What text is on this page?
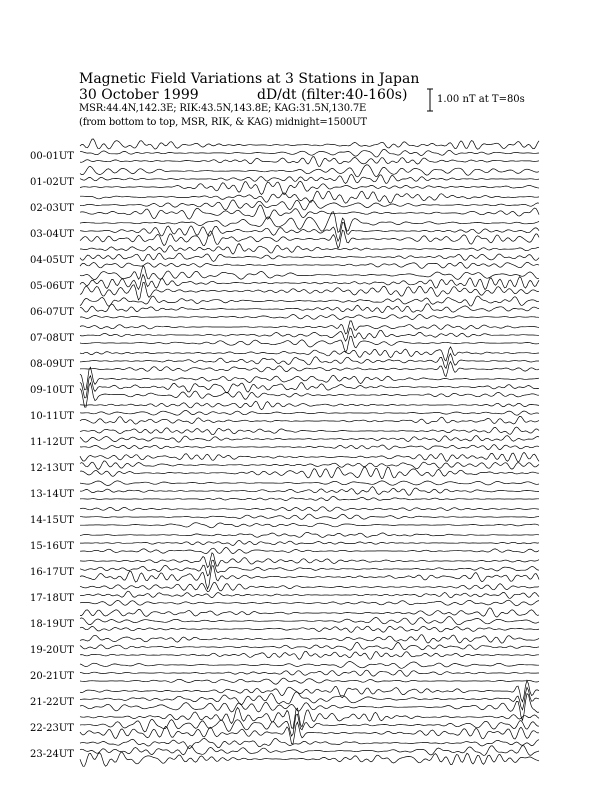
Magnetic Field Variations at 3 Stations in Japan
30 October 1999	dD/dt (filter:40-160s)
MSR:44.4N,142.3E; RIK:43.5N,143.8E; KAG:31.5N,130.7E
(from bottom to top, MSR, RIK, & KAG) midnight=1500UT
1.00 nT at T=80s
00-01UT
01-02UT
02-03UT
03-04UT
04-05UT
05-06UT
06-07UT
07-08UT
08-09UT
09-10UT
10-11UT
11-12UT
12-13UT
13-14UT
14-15UT
15-16UT
16-17UT
17-18UT
18-19UT
19-20UT
20-21UT
21-22UT
22-23UT
23-24UT
